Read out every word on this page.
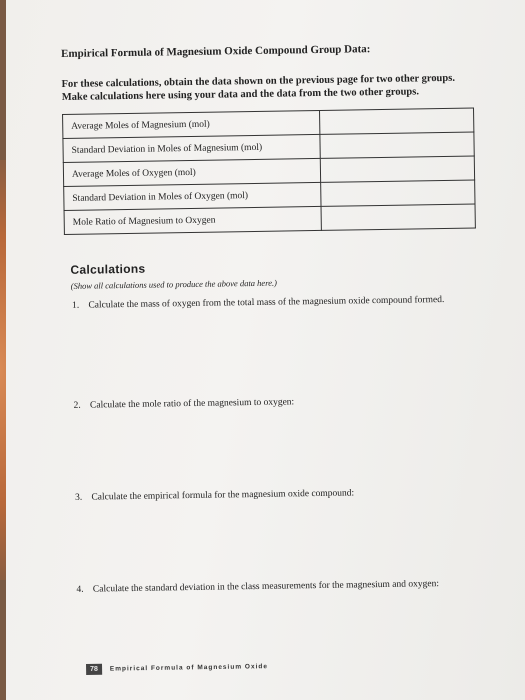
Empirical Formula of Magnesium Oxide Compound Group Data:

For these calculations, obtain the data shown on the previous page for two other groups. Make calculations here using your data and the data from the two other groups.

Average Moles of Magnesium (mol)	
Standard Deviation in Moles of Magnesium (mol)	
Average Moles of Oxygen (mol)	
Standard Deviation in Moles of Oxygen (mol)	
Mole Ratio of Magnesium to Oxygen	
Calculations
(Show all calculations used to produce the above data here.)

1. Calculate the mass of oxygen from the total mass of the magnesium oxide compound formed.

2. Calculate the mole ratio of the magnesium to oxygen:

3. Calculate the empirical formula for the magnesium oxide compound:

4. Calculate the standard deviation in the class measurements for the magnesium and oxygen:

78	Empirical Formula of Magnesium Oxide
